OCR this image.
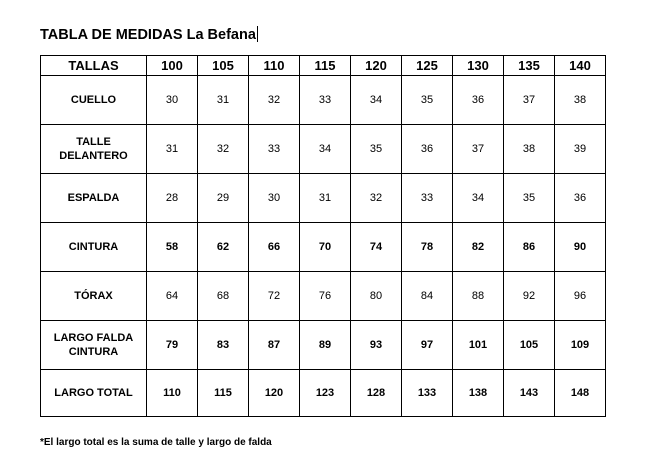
TABLA DE MEDIDAS La Befana
TALLAS	100	105	110	115	120	125	130	135	140
CUELLO	30	31	32	33	34	35	36	37	38
TALLE
DELANTERO	31	32	33	34	35	36	37	38	39
ESPALDA	28	29	30	31	32	33	34	35	36
CINTURA	58	62	66	70	74	78	82	86	90
TÓRAX	64	68	72	76	80	84	88	92	96
LARGO FALDA
CINTURA	79	83	87	89	93	97	101	105	109
LARGO TOTAL	110	115	120	123	128	133	138	143	148
*El largo total es la suma de talle y largo de falda
